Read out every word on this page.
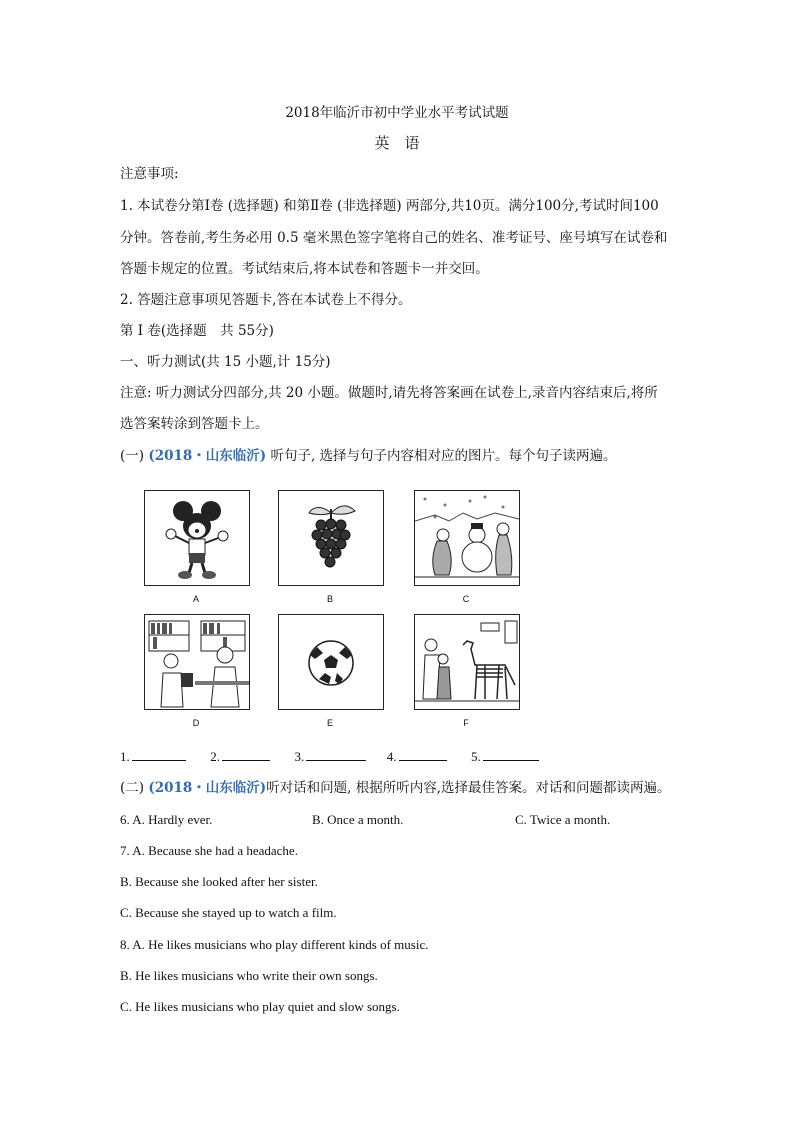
2018年临沂市初中学业水平考试试题
英　语
注意事项:
1. 本试卷分第Ⅰ卷 (选择题) 和第Ⅱ卷 (非选择题) 两部分,共10页。满分100分,考试时间100
分钟。答卷前,考生务必用 0.5 毫米黑色签字笔将自己的姓名、准考证号、座号填写在试卷和
答题卡规定的位置。考试结束后,将本试卷和答题卡一并交回。
2. 答题注意事项见答题卡,答在本试卷上不得分。
第 I 卷(选择题　共 55分)
一、听力测试(共 15 小题,计 15分)
注意: 听力测试分四部分,共 20 小题。做题时,请先将答案画在试卷上,录音内容结束后,将所
选答案转涂到答题卡上。
(一) (2018・山东临沂) 听句子, 选择与句子内容相对应的图片。每个句子读两遍。
A	B	C
D	E	F
1.	2.	3.	4.	5.
(二) (2018・山东临沂)听对话和问题, 根据所听内容,选择最佳答案。对话和问题都读两遍。
6. A. Hardly ever.	B. Once a month.	C. Twice a month.
7. A. Because she had a headache.
B. Because she looked after her sister.
C. Because she stayed up to watch a film.
8. A. He likes musicians who play different kinds of music.
B. He likes musicians who write their own songs.
C. He likes musicians who play quiet and slow songs.
